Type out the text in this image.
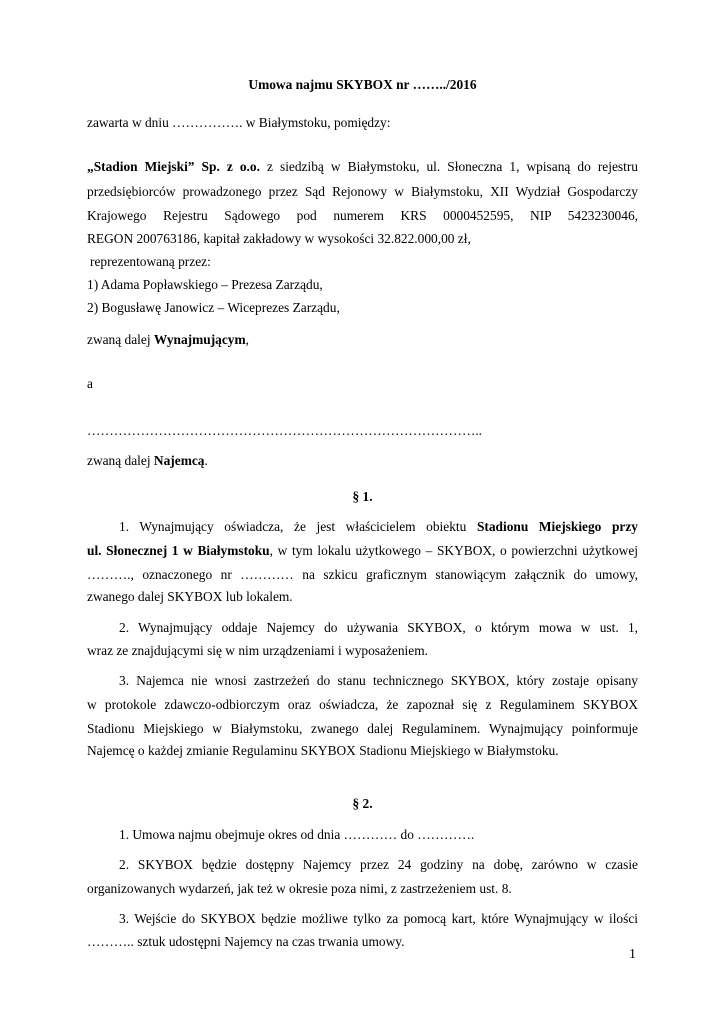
Umowa najmu SKYBOX nr ……../2016
zawarta w dniu ……………. w Białymstoku, pomiędzy:
„Stadion Miejski” Sp. z o.o. z siedzibą w Białymstoku, ul. Słoneczna 1, wpisaną do rejestru
przedsiębiorców prowadzonego przez Sąd Rejonowy w Białymstoku, XII Wydział Gospodarczy
Krajowego Rejestru Sądowego pod numerem KRS 0000452595, NIP 5423230046,
REGON 200763186, kapitał zakładowy w wysokości 32.822.000,00 zł,
reprezentowaną przez:
1) Adama Popławskiego – Prezesa Zarządu,
2) Bogusławę Janowicz – Wiceprezes Zarządu,
zwaną dalej Wynajmującym,
a
……………………………………………………………………………..
zwaną dalej Najemcą.
§ 1.
1. Wynajmujący oświadcza, że jest właścicielem obiektu Stadionu Miejskiego przy
ul. Słonecznej 1 w Białymstoku, w tym lokalu użytkowego – SKYBOX, o powierzchni użytkowej
………., oznaczonego nr ………… na szkicu graficznym stanowiącym załącznik do umowy,
zwanego dalej SKYBOX lub lokalem.
2. Wynajmujący oddaje Najemcy do używania SKYBOX, o którym mowa w ust. 1,
wraz ze znajdującymi się w nim urządzeniami i wyposażeniem.
3. Najemca nie wnosi zastrzeżeń do stanu technicznego SKYBOX, który zostaje opisany
w protokole zdawczo-odbiorczym oraz oświadcza, że zapoznał się z Regulaminem SKYBOX
Stadionu Miejskiego w Białymstoku, zwanego dalej Regulaminem. Wynajmujący poinformuje
Najemcę o każdej zmianie Regulaminu SKYBOX Stadionu Miejskiego w Białymstoku.
§ 2.
1. Umowa najmu obejmuje okres od dnia ………… do ………….
2. SKYBOX będzie dostępny Najemcy przez 24 godziny na dobę, zarówno w czasie
organizowanych wydarzeń, jak też w okresie poza nimi, z zastrzeżeniem ust. 8.
3. Wejście do SKYBOX będzie możliwe tylko za pomocą kart, które Wynajmujący w ilości
……….. sztuk udostępni Najemcy na czas trwania umowy.
1
